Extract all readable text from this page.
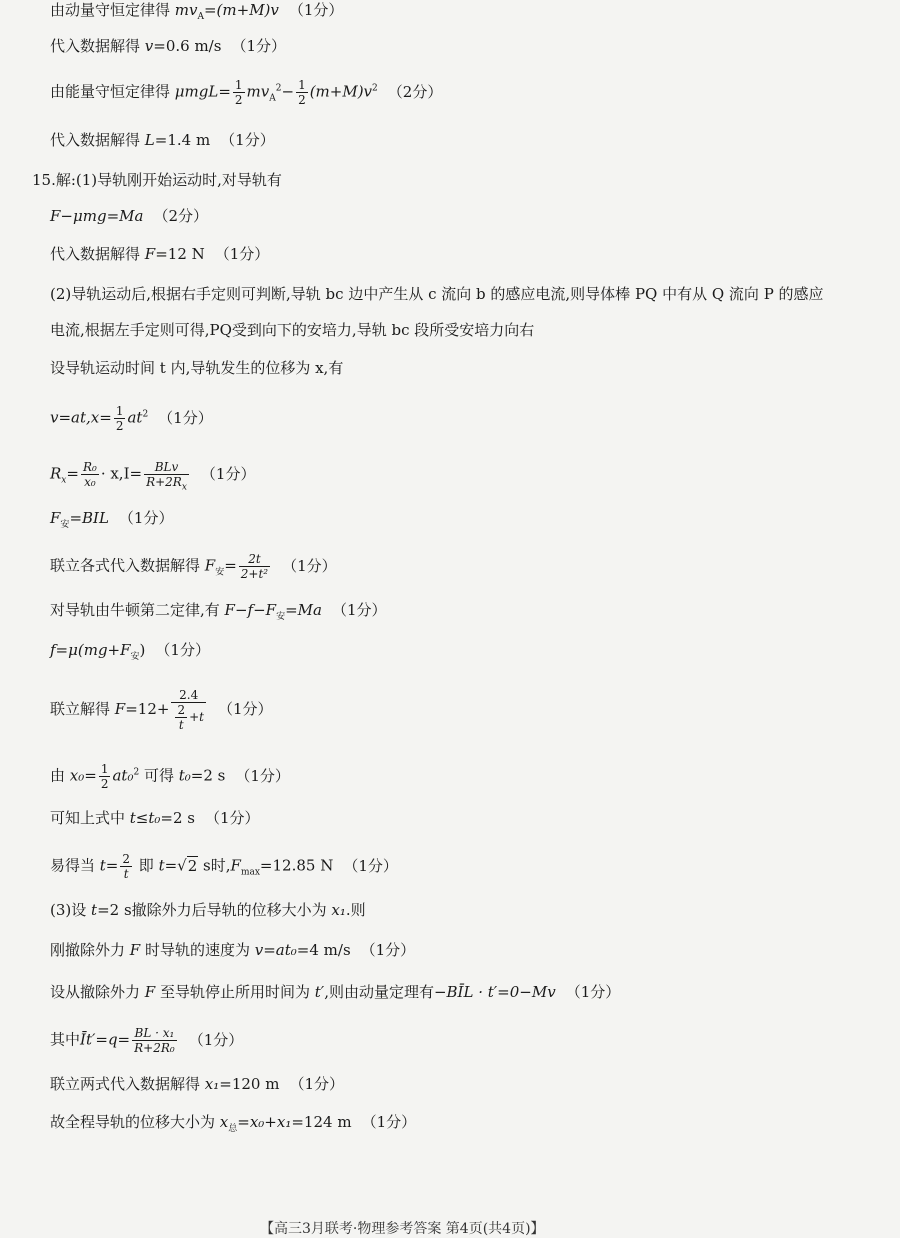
由动量守恒定律得 $mv_A=(m+M)v$ （1分）
代入数据解得 v=0.6 m/s （1分）
由能量守恒定律得 $\mu mgL= \frac{1}{2} mv_A^2- \frac{1}{2} (m+M)v^2$ （2分）
代入数据解得 L=1.4 m （1分）
15.解:(1)导轨刚开始运动时,对导轨有
F−μmg=Ma （2分）
代入数据解得 F=12 N （1分）
(2)导轨运动后,根据右手定则可判断,导轨 bc 边中产生从 c 流向 b 的感应电流,则导体棒 PQ 中有从 Q 流向 P 的感应
电流,根据左手定则可得,PQ受到向下的安培力,导轨 bc 段所受安培力向右
设导轨运动时间 t 内,导轨发生的位移为 x,有
$v=at,x= \frac{1}{2} at^2$ （1分）
$R_x= \frac{\text{R₀}}{\text{x₀}} \cdot x,I= \frac{\text{BLv}}{R+2R_x} (1$分）
$F_安=BIL$ （1分）
联立各式代入数据解得 $F_安= \frac{2t}{\text{2+t²}} (1$分）
对导轨由牛顿第二定律,有 $F-f-F_安=Ma$ （1分）
$f=\mu(mg+F_安)$ （1分）
联立解得 $F=12+ \frac{2.4}{\frac{2}{t} +t} (1$分）
由 $x_0= \frac{1}{2} at_0^2$ 可得 t₀=2 s （1分）
可知上式中 t≤t₀=2 s （1分）
易得当 $t= \frac{2}{t}$ 即 t=√2 s时$,F_{max}=12.85$ N （1分）
(3)设 t=2 s撤除外力后导轨的位移大小为 x₁.则
刚撤除外力 F 时导轨的速度为 v=at₀=4 m/s （1分）
设从撤除外力 F 至导轨停止所用时间为 t′,则由动量定理有−BĪL · t′=0−Mv （1分）
其中Īt′=q= $\frac{\text{BL · x₁}}{\text{R+2R₀}} (1$分）
联立两式代入数据解得 x₁=120 m （1分）
故全程导轨的位移大小为 $x_总=x_0+x_1=124$ m （1分）
【高三3月联考·物理参考答案 第4页(共4页)】
